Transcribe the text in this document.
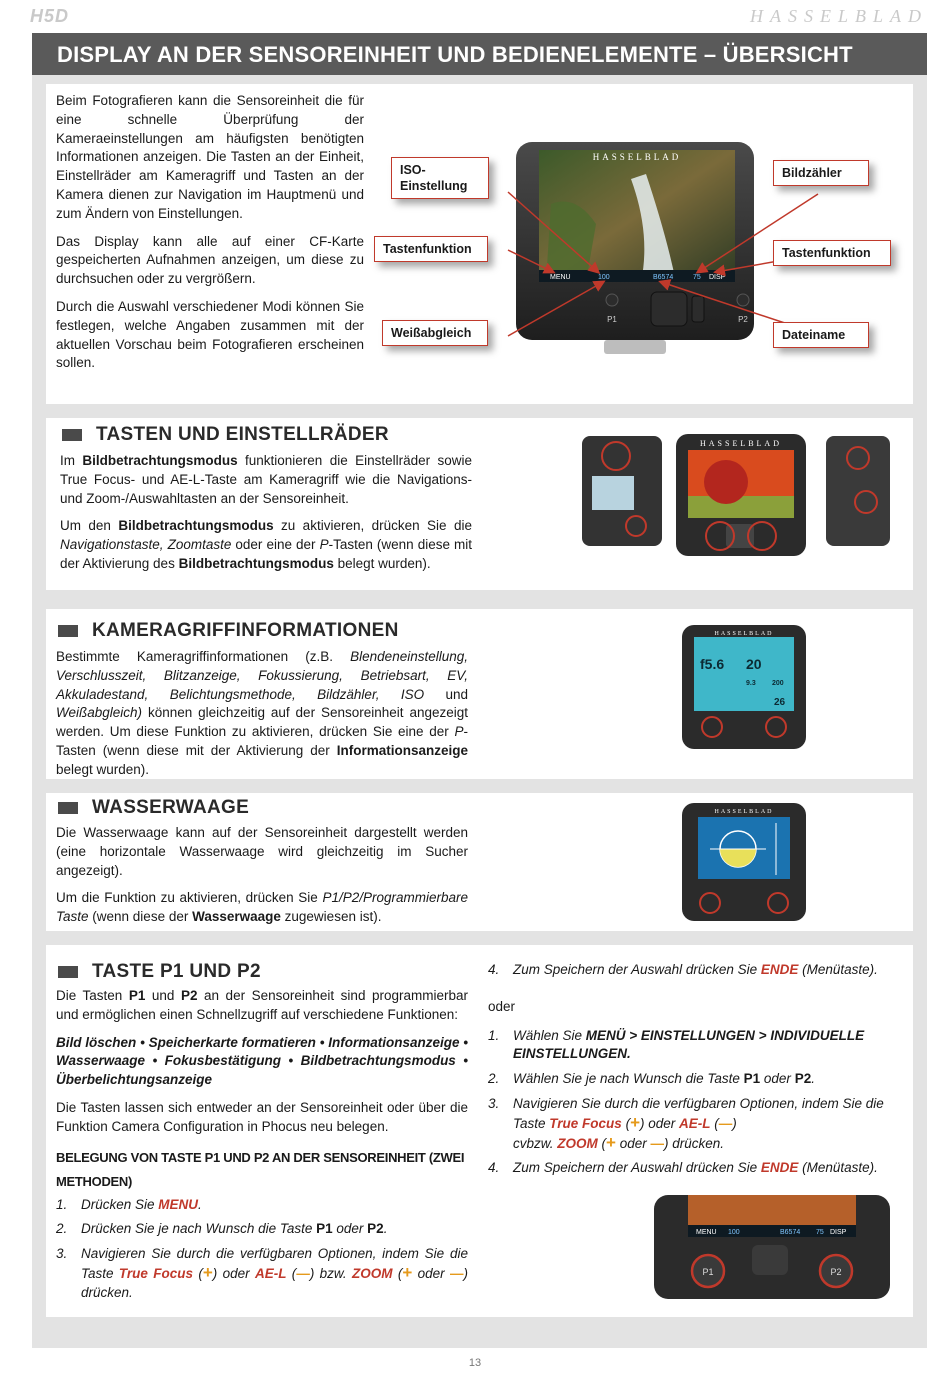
H5D	HASSELBLAD
DISPLAY AN DER SENSOREINHEIT UND BEDIENELEMENTE – ÜBERSICHT

Beim Fotografieren kann die Sensoreinheit die für eine schnelle Überprüfung der Kameraeinstellungen am häufigsten benötigten Informationen anzeigen. Die Tasten an der Einheit, Einstellräder am Kameragriff und Tasten an der Kamera dienen zur Navigation im Hauptmenü und zum Ändern von Einstellungen.

Das Display kann alle auf einer CF-Karte gespeicherten Aufnahmen anzeigen, um diese zu durchsuchen oder zu vergrößern.

Durch die Auswahl verschiedener Modi können Sie festlegen, welche Angaben zusammen mit der aktuellen Vorschau beim Fotografieren erscheinen sollen.

HASSELBLAD
MENU	100	B6574	75 DISP
P1	P2
ISO-
Einstellung
Tastenfunktion
Weißabgleich
Bildzähler
Tastenfunktion
Dateiname
TASTEN UND EINSTELLRÄDER

Im Bildbetrachtungsmodus funktionieren die Einstellräder sowie True Focus- und AE-L-Taste am Kameragriff wie die Navigations- und Zoom-/Auswahltasten an der Sensoreinheit.

Um den Bildbetrachtungsmodus zu aktivieren, drücken Sie die Navigationstaste, Zoomtaste oder eine der P-Tasten (wenn diese mit der Aktivierung des Bildbetrachtungsmodus belegt wurden).

HASSELBLAD
KAMERAGRIFFINFORMATIONEN

Bestimmte Kameragriffinformationen (z.B. Blendeneinstellung, Verschlusszeit, Blitzanzeige, Fokussierung, Betriebsart, EV, Akkuladestand, Belichtungsmethode, Bildzähler, ISO und Weißabgleich) können gleichzeitig auf der Sensoreinheit angezeigt werden. Um diese Funktion zu aktivieren, drücken Sie eine der P-Tasten (wenn diese mit der Aktivierung der Informationsanzeige belegt wurden).

HASSELBLAD
f5.6 20
9.3 200
26
WASSERWAAGE

Die Wasserwaage kann auf der Sensoreinheit dargestellt werden (eine horizontale Wasserwaage wird gleichzeitig im Sucher angezeigt).

Um die Funktion zu aktivieren, drücken Sie P1/P2/Programmierbare Taste (wenn diese der Wasserwaage zugewiesen ist).

HASSELBLAD
TASTE P1 UND P2

Die Tasten P1 und P2 an der Sensoreinheit sind programmierbar und ermöglichen einen Schnellzugriff auf verschiedene Funktionen:

Bild löschen • Speicherkarte formatieren • Informationsanzeige • Wasserwaage • Fokusbestätigung • Bildbetrachtungsmodus • Überbelichtungsanzeige

Die Tasten lassen sich entweder an der Sensoreinheit oder über die Funktion Camera Configuration in Phocus neu belegen.

BELEGUNG VON TASTE P1 UND P2 AN DER SENSOREINHEIT (ZWEI METHODEN)

1. Drücken Sie MENU.
2. Drücken Sie je nach Wunsch die Taste P1 oder P2.
3. Navigieren Sie durch die verfügbaren Optionen, indem Sie die Taste True Focus (+) oder AE-L (—) bzw. ZOOM (+ oder —) drücken.
4. Zum Speichern der Auswahl drücken Sie ENDE (Menütaste).

oder

1. Wählen Sie MENÜ > EINSTELLUNGEN > INDIVIDUELLE EINSTELLUNGEN.
2. Wählen Sie je nach Wunsch die Taste P1 oder P2.
3. Navigieren Sie durch die verfügbaren Optionen, indem Sie die Taste True Focus (+) oder AE-L (—)
cvbzw. ZOOM (+ oder —) drücken.
4. Zum Speichern der Auswahl drücken Sie ENDE (Menütaste).
MENU 100	B6574 75 DISP
P1	P2
13
